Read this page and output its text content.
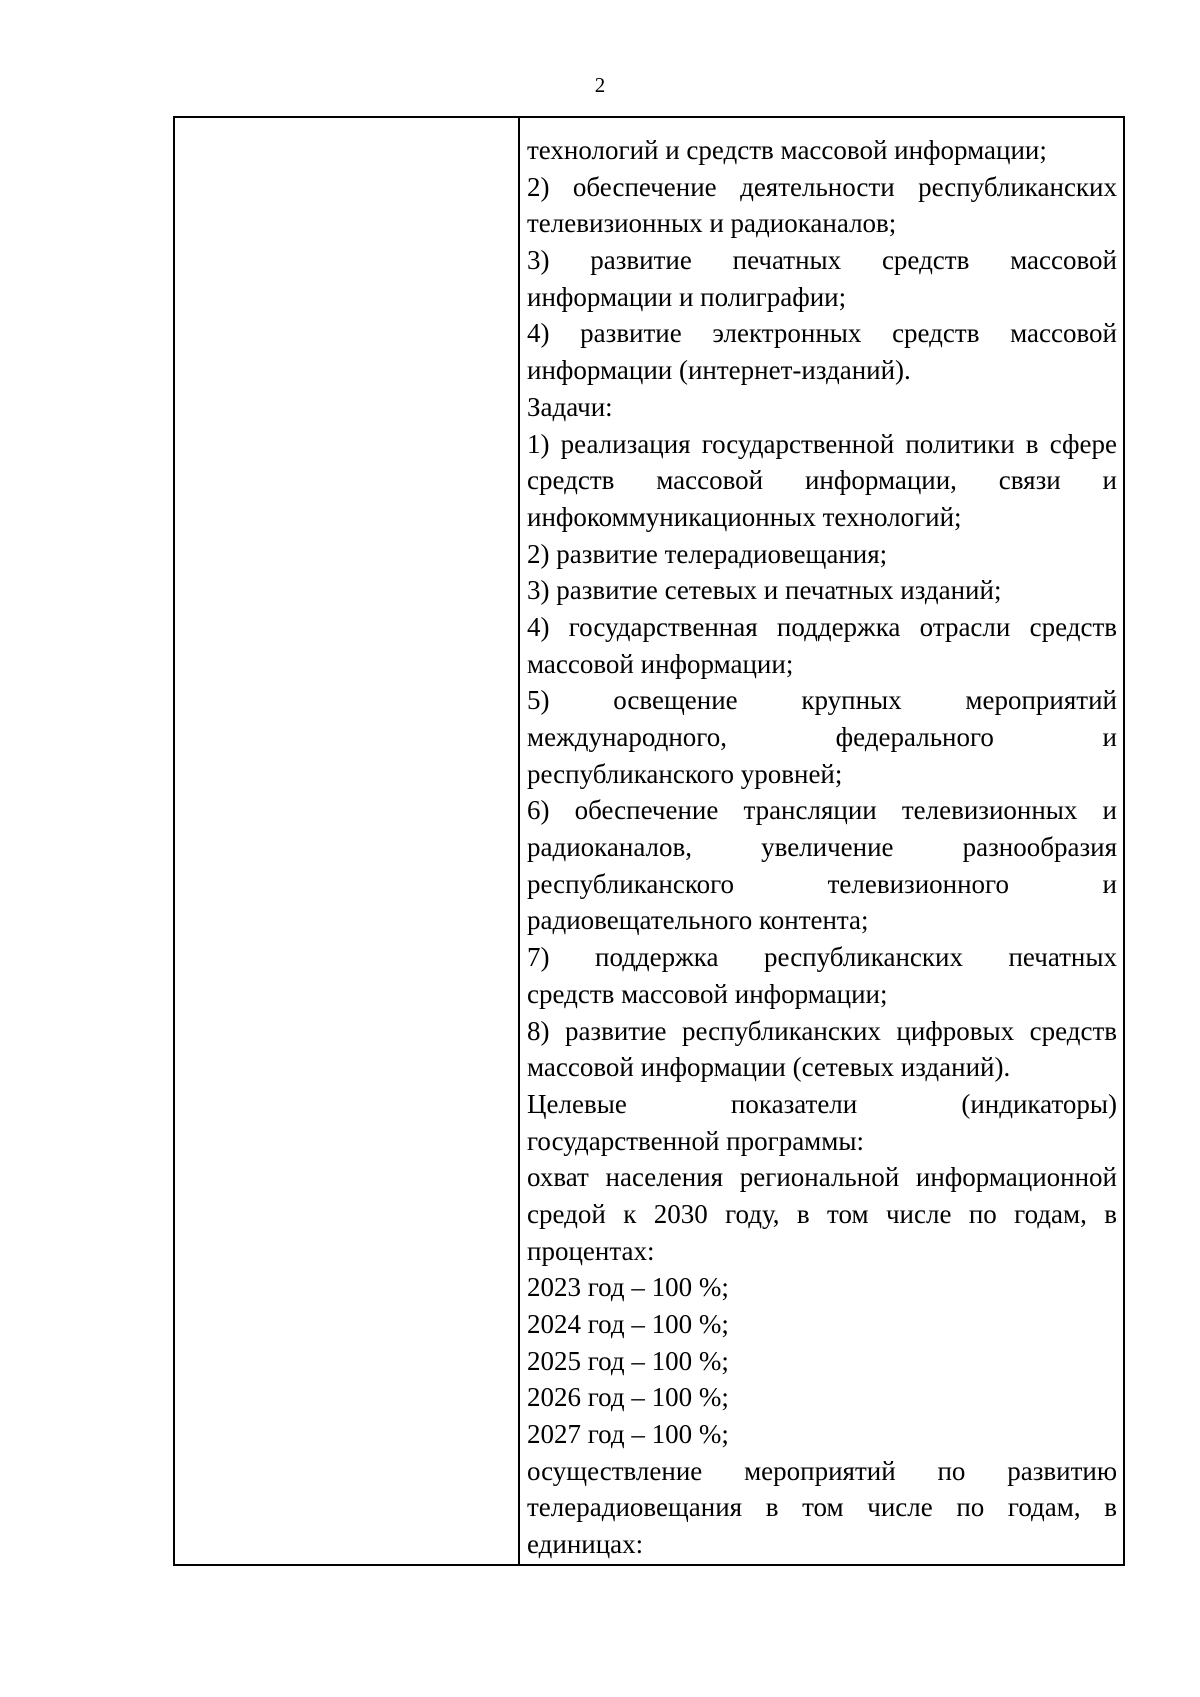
2
технологий и средств массовой информации;
2) обеспечение деятельности республиканских
телевизионных и радиоканалов;
3) развитие печатных средств массовой
информации и полиграфии;
4) развитие электронных средств массовой
информации (интернет-изданий).
Задачи:
1) реализация государственной политики в сфере
средств массовой информации, связи и
инфокоммуникационных технологий;
2) развитие телерадиовещания;
3) развитие сетевых и печатных изданий;
4) государственная поддержка отрасли средств
массовой информации;
5) освещение крупных мероприятий
международного, федерального и
республиканского уровней;
6) обеспечение трансляции телевизионных и
радиоканалов, увеличение разнообразия
республиканского телевизионного и
радиовещательного контента;
7) поддержка республиканских печатных
средств массовой информации;
8) развитие республиканских цифровых средств
массовой информации (сетевых изданий).
Целевые показатели (индикаторы)
государственной программы:
охват населения региональной информационной
средой к 2030 году, в том числе по годам, в
процентах:
2023 год – 100 %;
2024 год – 100 %;
2025 год – 100 %;
2026 год – 100 %;
2027 год – 100 %;
осуществление мероприятий по развитию
телерадиовещания в том числе по годам, в
единицах:
